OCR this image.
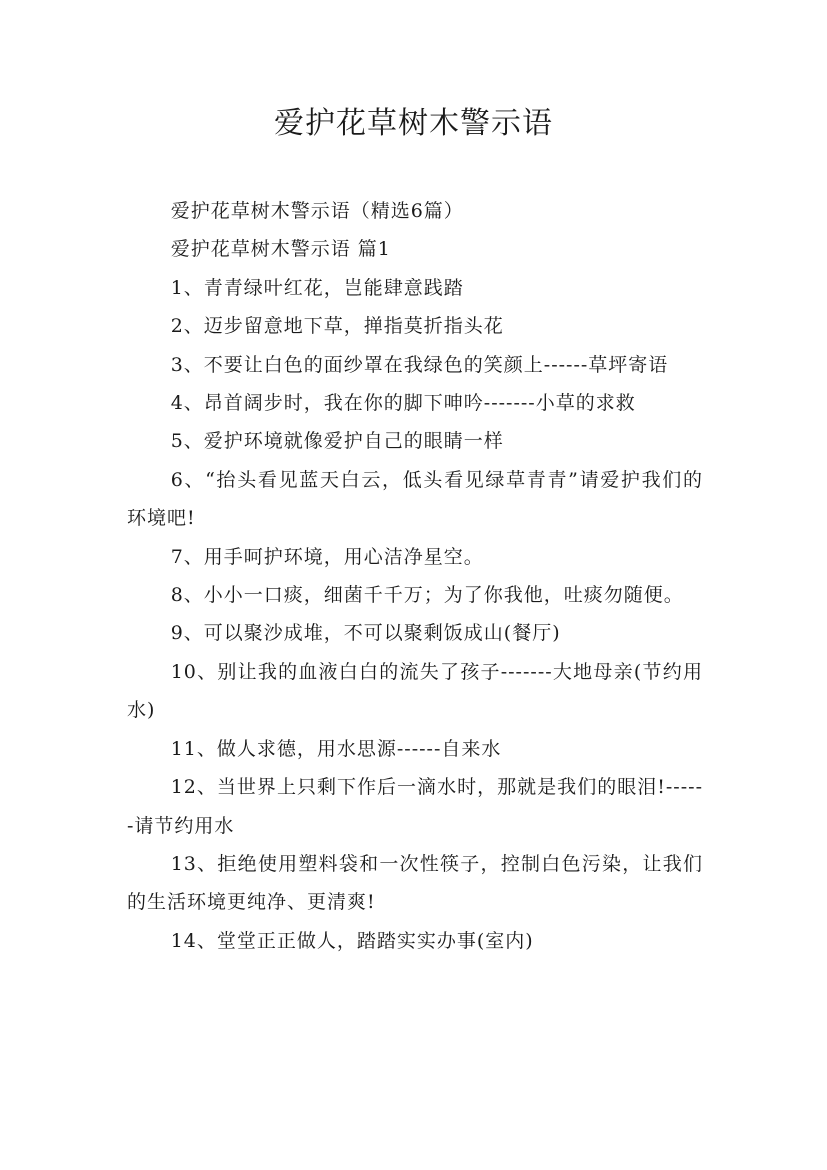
爱护花草树木警示语

爱护花草树木警示语（精选6篇）

爱护花草树木警示语 篇1

1、青青绿叶红花，岂能肆意践踏

2、迈步留意地下草，掸指莫折指头花

3、不要让白色的面纱罩在我绿色的笑颜上------草坪寄语

4、昂首阔步时，我在你的脚下呻吟-------小草的求救

5、爱护环境就像爱护自己的眼睛一样

6、“抬头看见蓝天白云，低头看见绿草青青”请爱护我们的环境吧!

7、用手呵护环境，用心洁净星空。

8、小小一口痰，细菌千千万；为了你我他，吐痰勿随便。

9、可以聚沙成堆，不可以聚剩饭成山(餐厅)

10、别让我的血液白白的流失了孩子-------大地母亲(节约用水)

11、做人求德，用水思源------自来水

12、当世界上只剩下作后一滴水时，那就是我们的眼泪!------请节约用水

13、拒绝使用塑料袋和一次性筷子，控制白色污染，让我们的生活环境更纯净、更清爽!

14、堂堂正正做人，踏踏实实办事(室内)
